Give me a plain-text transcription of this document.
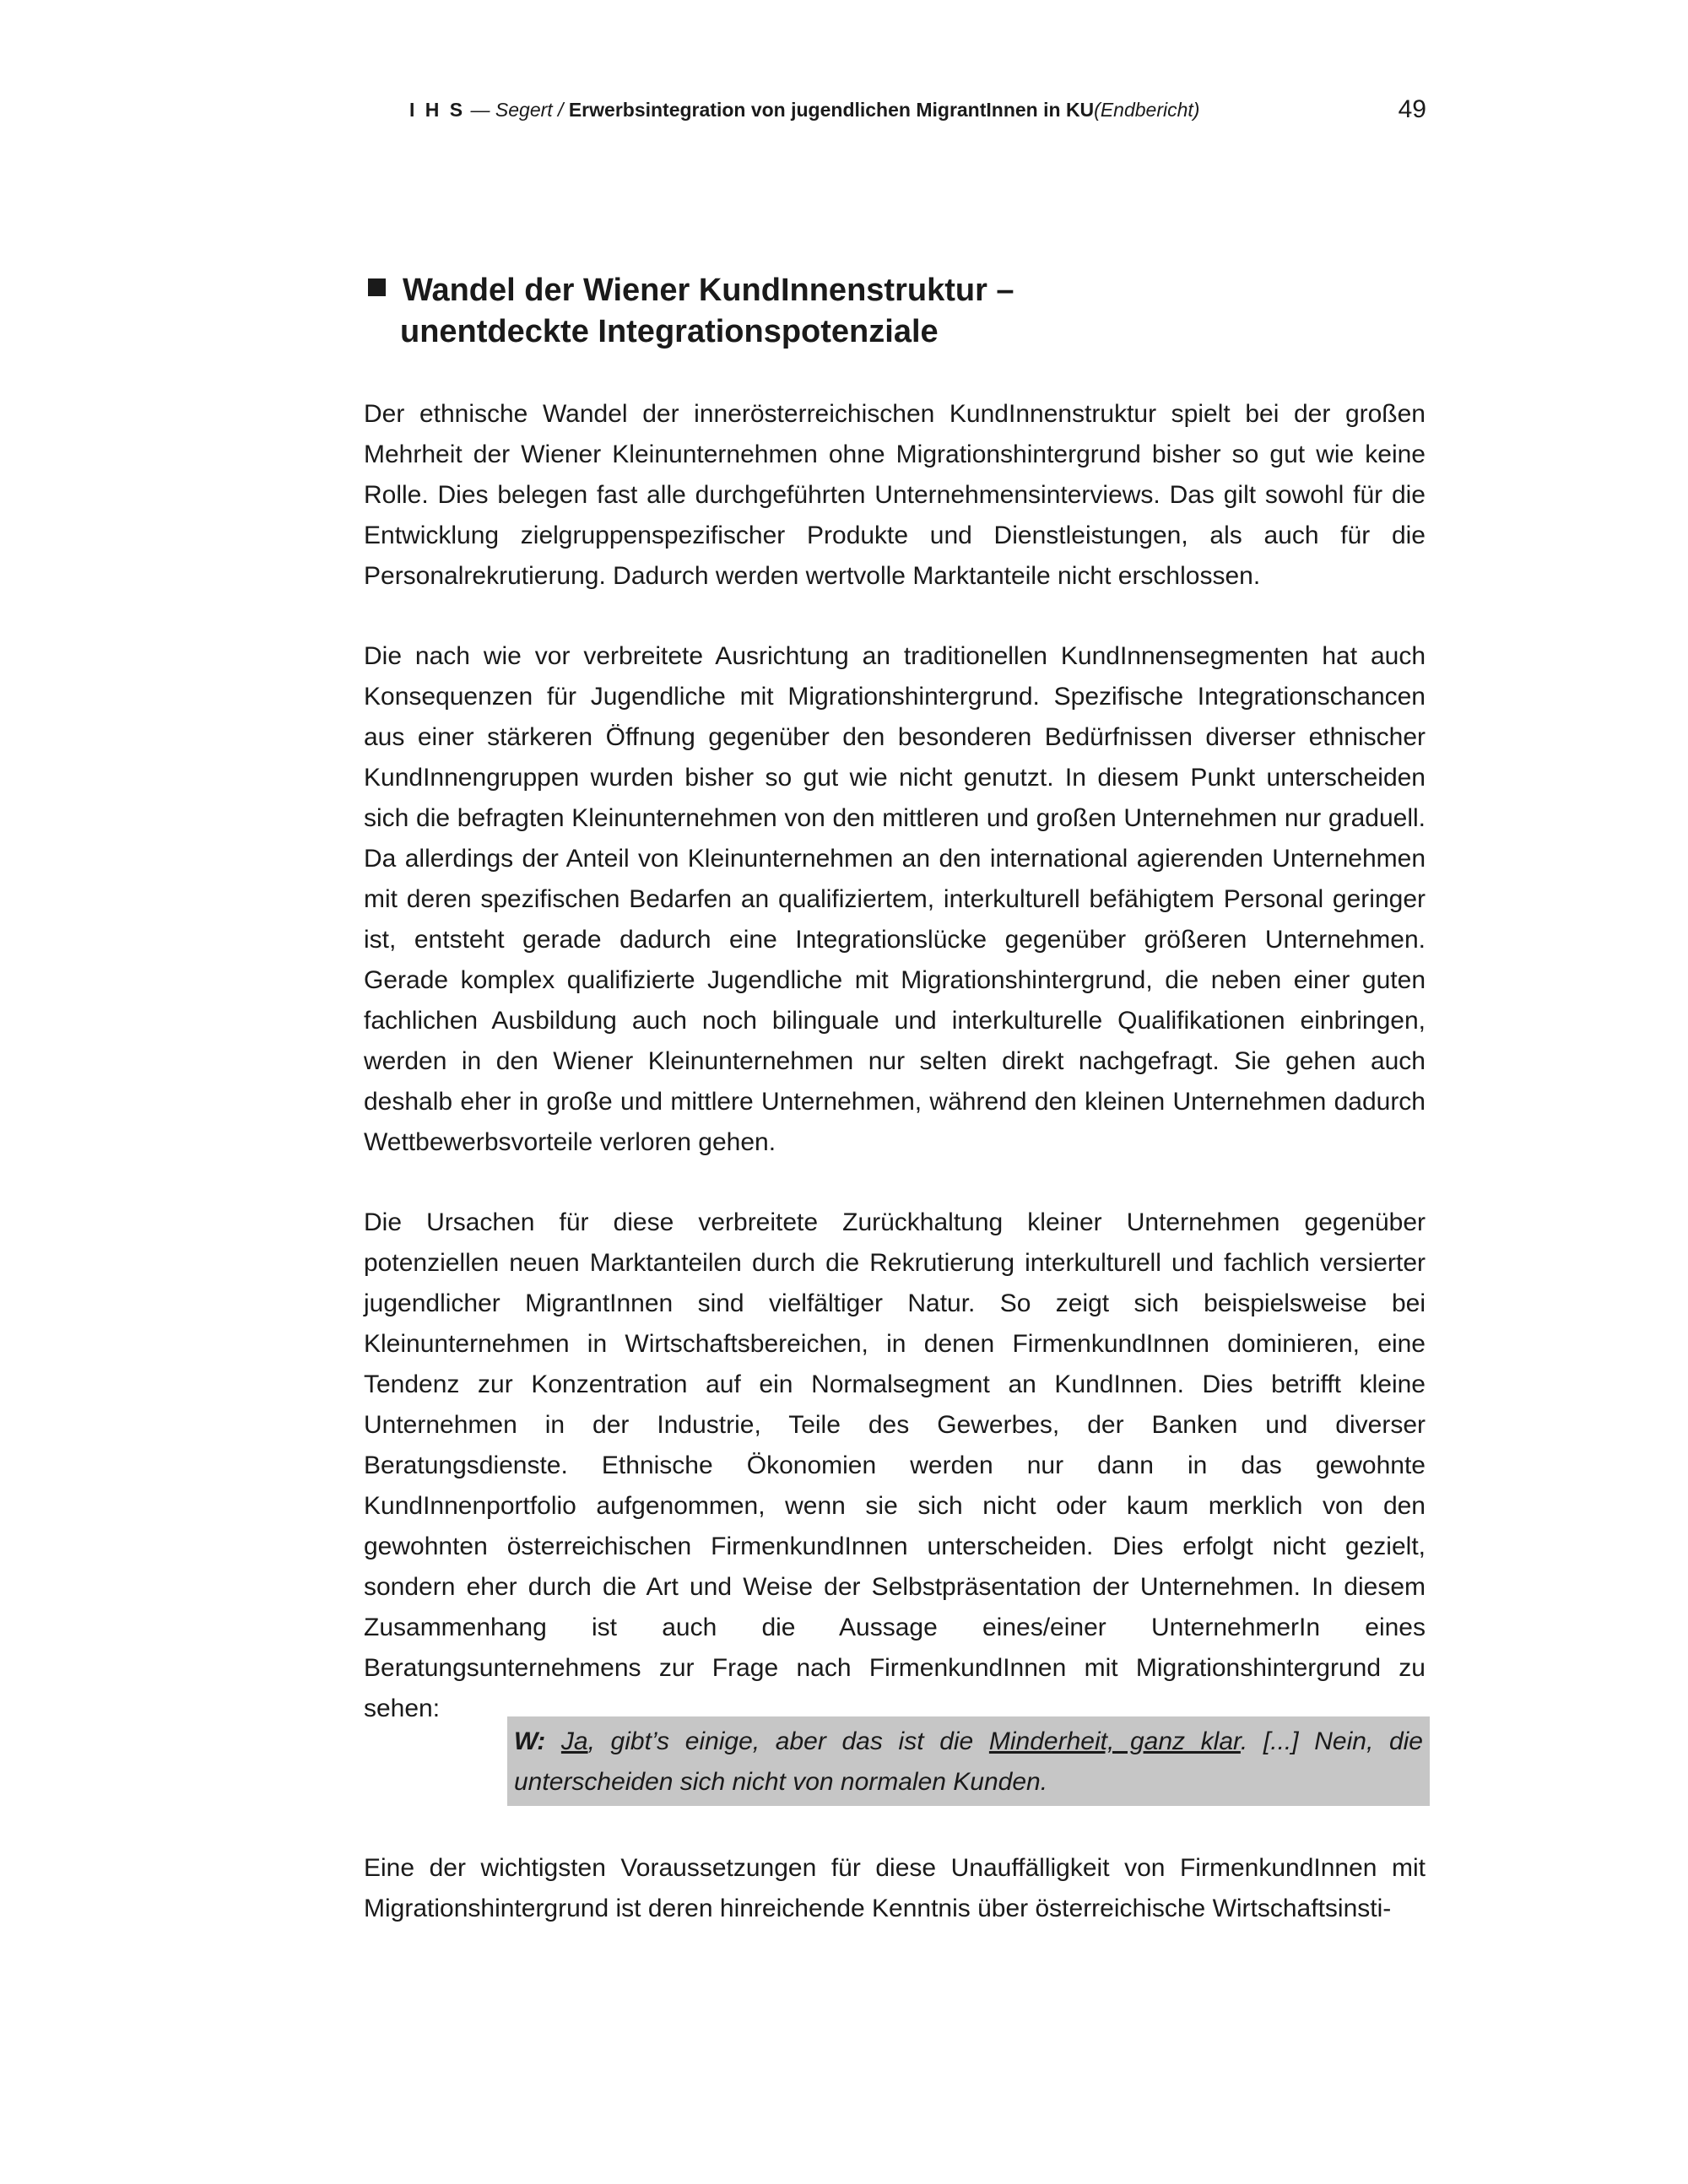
I H S — Segert / Erwerbsintegration von jugendlichen MigrantInnen in KU(Endbericht)	49
Wandel der Wiener KundInnenstruktur –
unentdeckte Integrationspotenziale

Der ethnische Wandel der innerösterreichischen KundInnenstruktur spielt bei der großen Mehrheit der Wiener Kleinunternehmen ohne Migrationshintergrund bisher so gut wie keine Rolle. Dies belegen fast alle durchgeführten Unternehmensinterviews. Das gilt sowohl für die Entwicklung zielgruppenspezifischer Produkte und Dienstleistungen, als auch für die Personalrekrutierung. Dadurch werden wertvolle Marktanteile nicht erschlossen.

Die nach wie vor verbreitete Ausrichtung an traditionellen KundInnensegmenten hat auch Konsequenzen für Jugendliche mit Migrationshintergrund. Spezifische Integrationschancen aus einer stärkeren Öffnung gegenüber den besonderen Bedürfnissen diverser ethnischer KundInnengruppen wurden bisher so gut wie nicht genutzt. In diesem Punkt unterscheiden sich die befragten Kleinunternehmen von den mittleren und großen Unternehmen nur graduell. Da allerdings der Anteil von Kleinunternehmen an den international agierenden Unternehmen mit deren spezifischen Bedarfen an qualifiziertem, interkulturell befähigtem Personal geringer ist, entsteht gerade dadurch eine Integrationslücke gegenüber größeren Unternehmen. Gerade komplex qualifizierte Jugendliche mit Migrationshintergrund, die neben einer guten fachlichen Ausbildung auch noch bilinguale und interkulturelle Qualifikationen einbringen, werden in den Wiener Kleinunternehmen nur selten direkt nachgefragt. Sie gehen auch deshalb eher in große und mittlere Unternehmen, während den kleinen Unternehmen dadurch Wettbewerbsvorteile verloren gehen.

Die Ursachen für diese verbreitete Zurückhaltung kleiner Unternehmen gegenüber potenziellen neuen Marktanteilen durch die Rekrutierung interkulturell und fachlich versierter jugendlicher MigrantInnen sind vielfältiger Natur. So zeigt sich beispielsweise bei Kleinunternehmen in Wirtschaftsbereichen, in denen FirmenkundInnen dominieren, eine Tendenz zur Konzentration auf ein Normalsegment an KundInnen. Dies betrifft kleine Unternehmen in der Industrie, Teile des Gewerbes, der Banken und diverser Beratungsdienste. Ethnische Ökonomien werden nur dann in das gewohnte KundInnenportfolio aufgenommen, wenn sie sich nicht oder kaum merklich von den gewohnten österreichischen FirmenkundInnen unterscheiden. Dies erfolgt nicht gezielt, sondern eher durch die Art und Weise der Selbstpräsentation der Unternehmen. In diesem Zusammenhang ist auch die Aussage eines/einer UnternehmerIn eines Beratungsunternehmens zur Frage nach FirmenkundInnen mit Migrationshintergrund zu sehen:

W: Ja, gibt’s einige, aber das ist die Minderheit, ganz klar. [...] Nein, die unterscheiden sich nicht von normalen Kunden.

Eine der wichtigsten Voraussetzungen für diese Unauffälligkeit von FirmenkundInnen mit Migrationshintergrund ist deren hinreichende Kenntnis über österreichische Wirtschaftsinsti-
